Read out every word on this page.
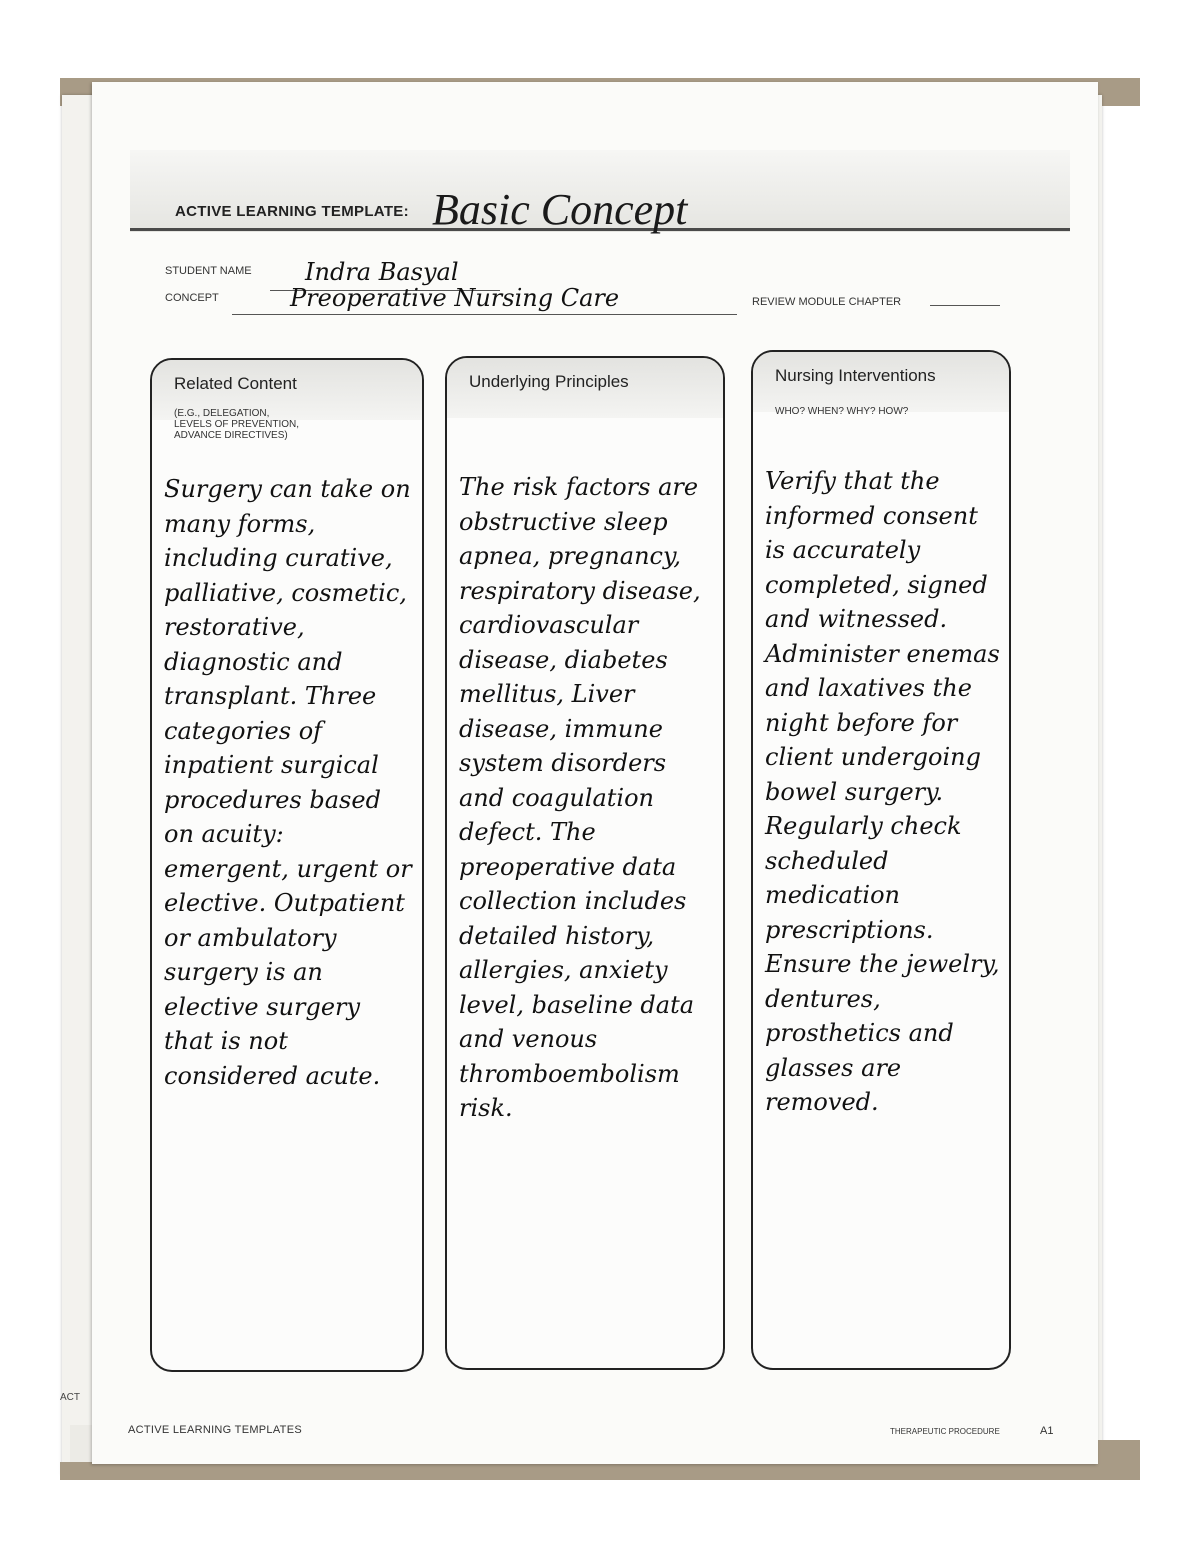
ACT
ACTIVE LEARNING TEMPLATE: Basic Concept
STUDENT NAME Indra Basyal
CONCEPT	Preoperative Nursing Care	REVIEW MODULE CHAPTER
Related Content
(E.G., DELEGATION,
LEVELS OF PREVENTION,
ADVANCE DIRECTIVES)
Surgery can take on many forms, including curative, palliative, cosmetic, restorative, diagnostic and transplant. Three categories of inpatient surgical procedures based on acuity: emergent, urgent or elective. Outpatient or ambulatory surgery is an elective surgery that is not considered acute.
Underlying Principles
The risk factors are obstructive sleep apnea, pregnancy, respiratory disease, cardiovascular disease, diabetes mellitus, Liver disease, immune system disorders and coagulation defect. The preoperative data collection includes detailed history, allergies, anxiety level, baseline data and venous thromboembolism risk.
Nursing Interventions
WHO? WHEN? WHY? HOW?
Verify that the informed consent is accurately completed, signed and witnessed. Administer enemas and laxatives the night before for client undergoing bowel surgery. Regularly check scheduled medication prescriptions. Ensure the jewelry, dentures, prosthetics and glasses are removed.
ACTIVE LEARNING TEMPLATES	THERAPEUTIC PROCEDURE	A1
